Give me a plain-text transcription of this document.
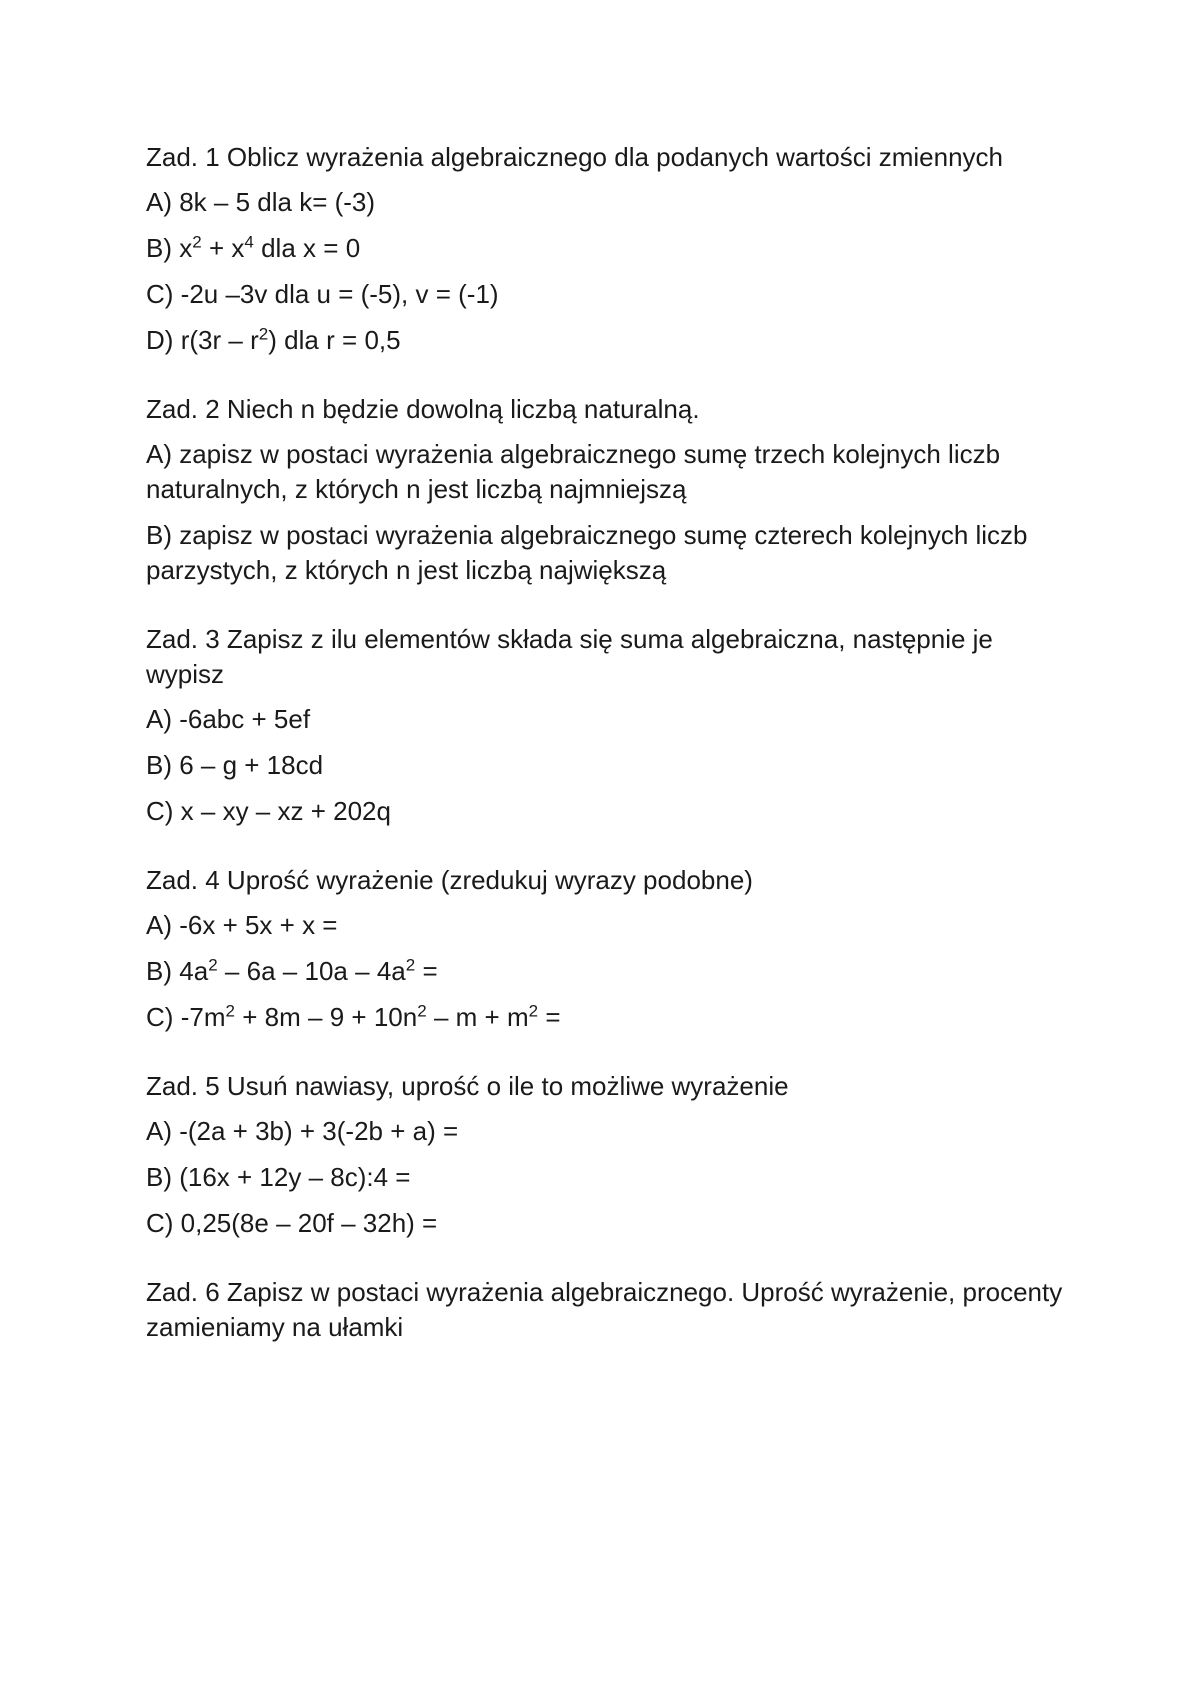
Zad. 1 Oblicz wyrażenia algebraicznego dla podanych wartości zmiennych
A) 8k – 5 dla k= (-3)
B) $x^2 + x^4$ dla x = 0
C) -2u –3v dla u = (-5), v = (-1)
D) $r(3r - r^2)$ dla r = 0,5
Zad. 2 Niech n będzie dowolną liczbą naturalną.
A) zapisz w postaci wyrażenia algebraicznego sumę trzech kolejnych liczb naturalnych, z których n jest liczbą najmniejszą
B) zapisz w postaci wyrażenia algebraicznego sumę czterech kolejnych liczb parzystych, z których n jest liczbą największą
Zad. 3 Zapisz z ilu elementów składa się suma algebraiczna, następnie je wypisz
A) -6abc + 5ef
B) 6 – g + 18cd
C) x – xy – xz + 202q
Zad. 4 Uprość wyrażenie (zredukuj wyrazy podobne)
A) -6x + 5x + x =
B) $4a^2 - 6a - 10a - 4a^2$ =
C) $-7m^2 + 8m - 9 + 10n^2 - m + m^2$ =
Zad. 5 Usuń nawiasy, uprość o ile to możliwe wyrażenie
A) -(2a + 3b) + 3(-2b + a) =
B) (16x + 12y – 8c):4 =
C) 0,25(8e – 20f – 32h) =
Zad. 6 Zapisz w postaci wyrażenia algebraicznego. Uprość wyrażenie, procenty zamieniamy na ułamki
